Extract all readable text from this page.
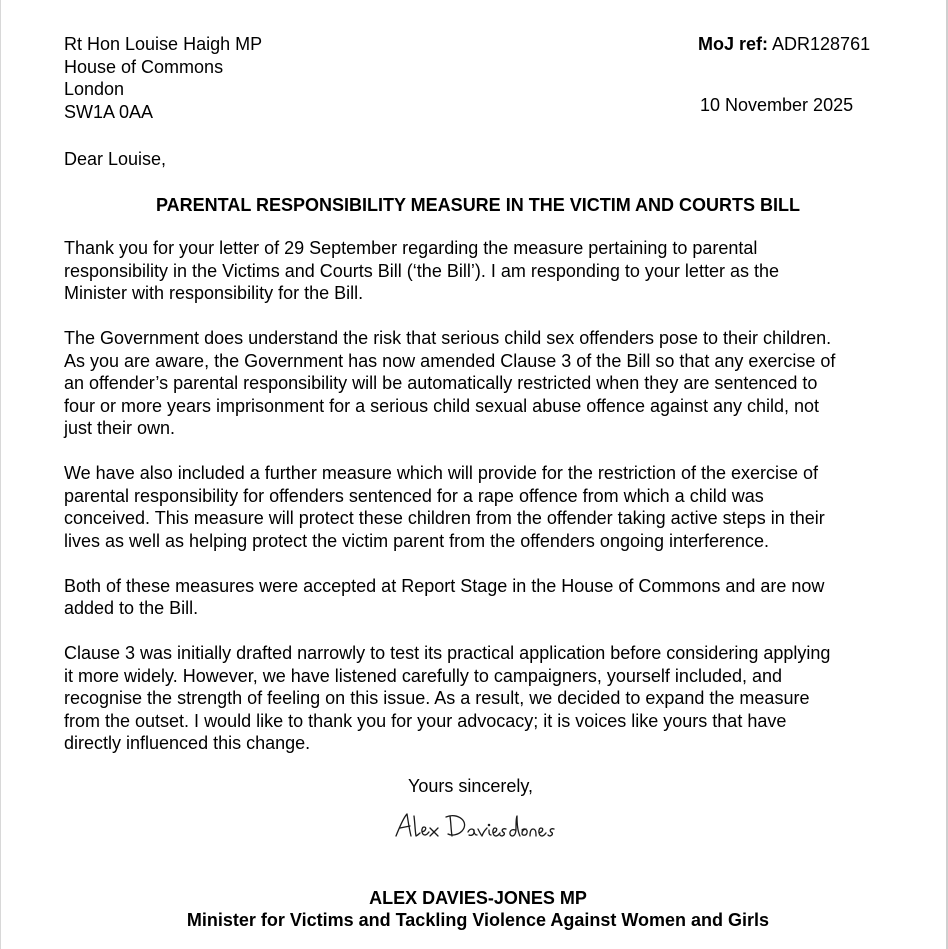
Rt Hon Louise Haigh MP
House of Commons
London
SW1A 0AA
MoJ ref: ADR128761
10 November 2025
Dear Louise,
PARENTAL RESPONSIBILITY MEASURE IN THE VICTIM AND COURTS BILL

Thank you for your letter of 29 September regarding the measure pertaining to parental
responsibility in the Victims and Courts Bill (‘the Bill’). I am responding to your letter as the
Minister with responsibility for the Bill.

The Government does understand the risk that serious child sex offenders pose to their children.
As you are aware, the Government has now amended Clause 3 of the Bill so that any exercise of
an offender’s parental responsibility will be automatically restricted when they are sentenced to
four or more years imprisonment for a serious child sexual abuse offence against any child, not
just their own.

We have also included a further measure which will provide for the restriction of the exercise of
parental responsibility for offenders sentenced for a rape offence from which a child was
conceived. This measure will protect these children from the offender taking active steps in their
lives as well as helping protect the victim parent from the offenders ongoing interference.

Both of these measures were accepted at Report Stage in the House of Commons and are now
added to the Bill.

Clause 3 was initially drafted narrowly to test its practical application before considering applying
it more widely. However, we have listened carefully to campaigners, yourself included, and
recognise the strength of feeling on this issue. As a result, we decided to expand the measure
from the outset. I would like to thank you for your advocacy; it is voices like yours that have
directly influenced this change.

Yours sincerely,
ALEX DAVIES-JONES MP
Minister for Victims and Tackling Violence Against Women and Girls
